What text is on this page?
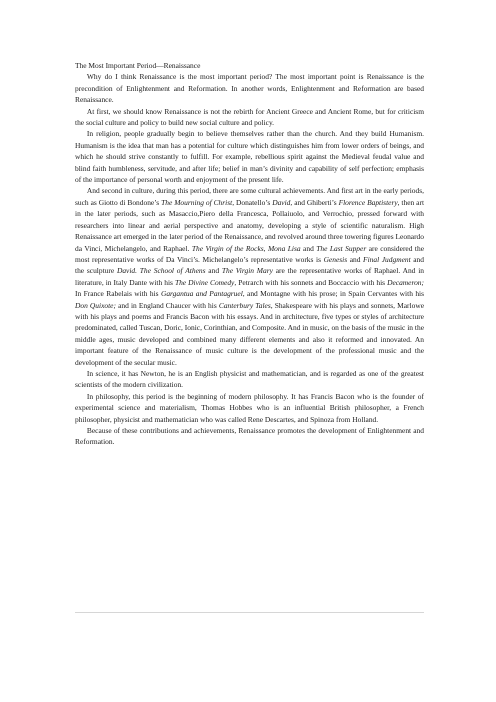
The Most Important Period—Renaissance

Why do I think Renaissance is the most important period? The most important point is Renaissance is the precondition of Enlightenment and Reformation. In another words, Enlightenment and Reformation are based Renaissance.

At first, we should know Renaissance is not the rebirth for Ancient Greece and Ancient Rome, but for criticism the social culture and policy to build new social culture and policy.

In religion, people gradually begin to believe themselves rather than the church. And they build Humanism. Humanism is the idea that man has a potential for culture which distinguishes him from lower orders of beings, and which he should strive constantly to fulfill. For example, rebellious spirit against the Medieval feudal value and blind faith humbleness, servitude, and after life; belief in man’s divinity and capability of self perfection; emphasis of the importance of personal worth and enjoyment of the present life.

And second in culture, during this period, there are some cultural achievements. And first art in the early periods, such as Giotto di Bondone’s The Mourning of Christ, Donatello’s David, and Ghiberti’s Florence Baptistery, then art in the later periods, such as Masaccio,Piero della Francesca, Pollaiuolo, and Verrochio, pressed forward with researchers into linear and aerial perspective and anatomy, developing a style of scientific naturalism. High Renaissance art emerged in the later period of the Renaissance, and revolved around three towering figures Leonardo da Vinci, Michelangelo, and Raphael. The Virgin of the Rocks, Mona Lisa and The Last Supper are considered the most representative works of Da Vinci’s. Michelangelo’s representative works is Genesis and Final Judgment and the sculpture David. The School of Athens and The Virgin Mary are the representative works of Raphael. And in literature, in Italy Dante with his The Divine Comedy, Petrarch with his sonnets and Boccaccio with his Decameron; In France Rabelais with his Gargantua and Pantagruel, and Montagne with his prose; in Spain Cervantes with his Don Quixote; and in England Chaucer with his Canterbury Tales, Shakespeare with his plays and sonnets, Marlowe with his plays and poems and Francis Bacon with his essays. And in architecture, five types or styles of architecture predominated, called Tuscan, Doric, Ionic, Corinthian, and Composite. And in music, on the basis of the music in the middle ages, music developed and combined many different elements and also it reformed and innovated. An important feature of the Renaissance of music culture is the development of the professional music and the development of the secular music.

In science, it has Newton, he is an English physicist and mathematician, and is regarded as one of the greatest scientists of the modern civilization.

In philosophy, this period is the beginning of modern philosophy. It has Francis Bacon who is the founder of experimental science and materialism, Thomas Hobbes who is an influential British philosopher, a French philosopher, physicist and mathematician who was called Rene Descartes, and Spinoza from Holland.

Because of these contributions and achievements, Renaissance promotes the development of Enlightenment and Reformation.
